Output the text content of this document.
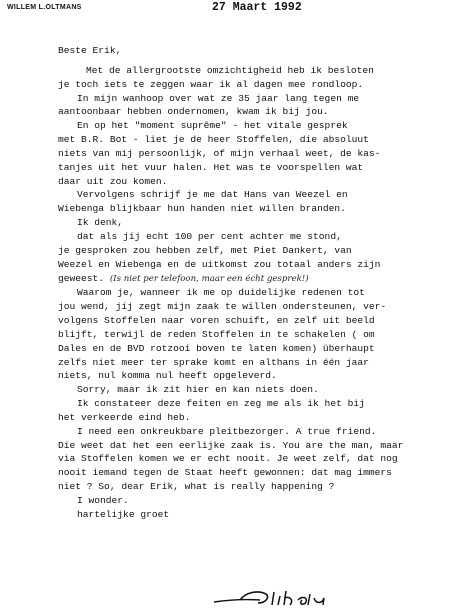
WILLEM L.OLTMANS	27 Maart 1992

Beste Erik,

Met de allergrootste omzichtigheid heb ik besloten

je toch iets te zeggen waar ik al dagen mee rondloop.

In mijn wanhoop over wat ze 35 jaar lang tegen me

aantoonbaar hebben ondernomen, kwam ik bij jou.

En op het "moment suprême" - het vitale gesprek

met B.R. Bot - liet je de heer Stoffelen, die absoluut

niets van mij persoonlijk, of mijn verhaal weet, de kas-

tanjes uit het vuur halen. Het was te voorspellen wat

daar uit zou komen.

Vervolgens schrijf je me dat Hans van Weezel en

Wiebenga blijkbaar hun handen niet willen branden.

Ik denk,

dat als jij echt 100 per cent achter me stond,

je gesproken zou hebben zelf, met Piet Dankert, van

Weezel en Wiebenga en de uitkomst zou totaal anders zijn

geweest. (Is niet per telefoon, maar een écht gesprek!)

Waarom je, wanneer ik me op duidelijke redenen tot

jou wend, jij zegt mijn zaak te willen ondersteunen, ver-

volgens Stoffelen naar voren schuift, en zelf uit beeld

blijft, terwijl de reden Stoffelen in te schakelen ( om

Dales en de BVD rotzooi boven te laten komen) überhaupt

zelfs niet meer ter sprake komt en althans in één jaar

niets, nul komma nul heeft opgeleverd.

Sorry, maar ik zit hier en kan niets doen.

Ik constateer deze feiten en zeg me als ik het bij

het verkeerde eind heb.

I need een onkreukbare pleitbezorger. A true friend.

Die weet dat het een eerlijke zaak is. You are the man, maar

via Stoffelen komen we er echt nooit. Je weet zelf, dat nog

nooit iemand tegen de Staat heeft gewonnen: dat mag immers

niet ? So, dear Erik, what is really happening ?

I wonder.

hartelijke groet
